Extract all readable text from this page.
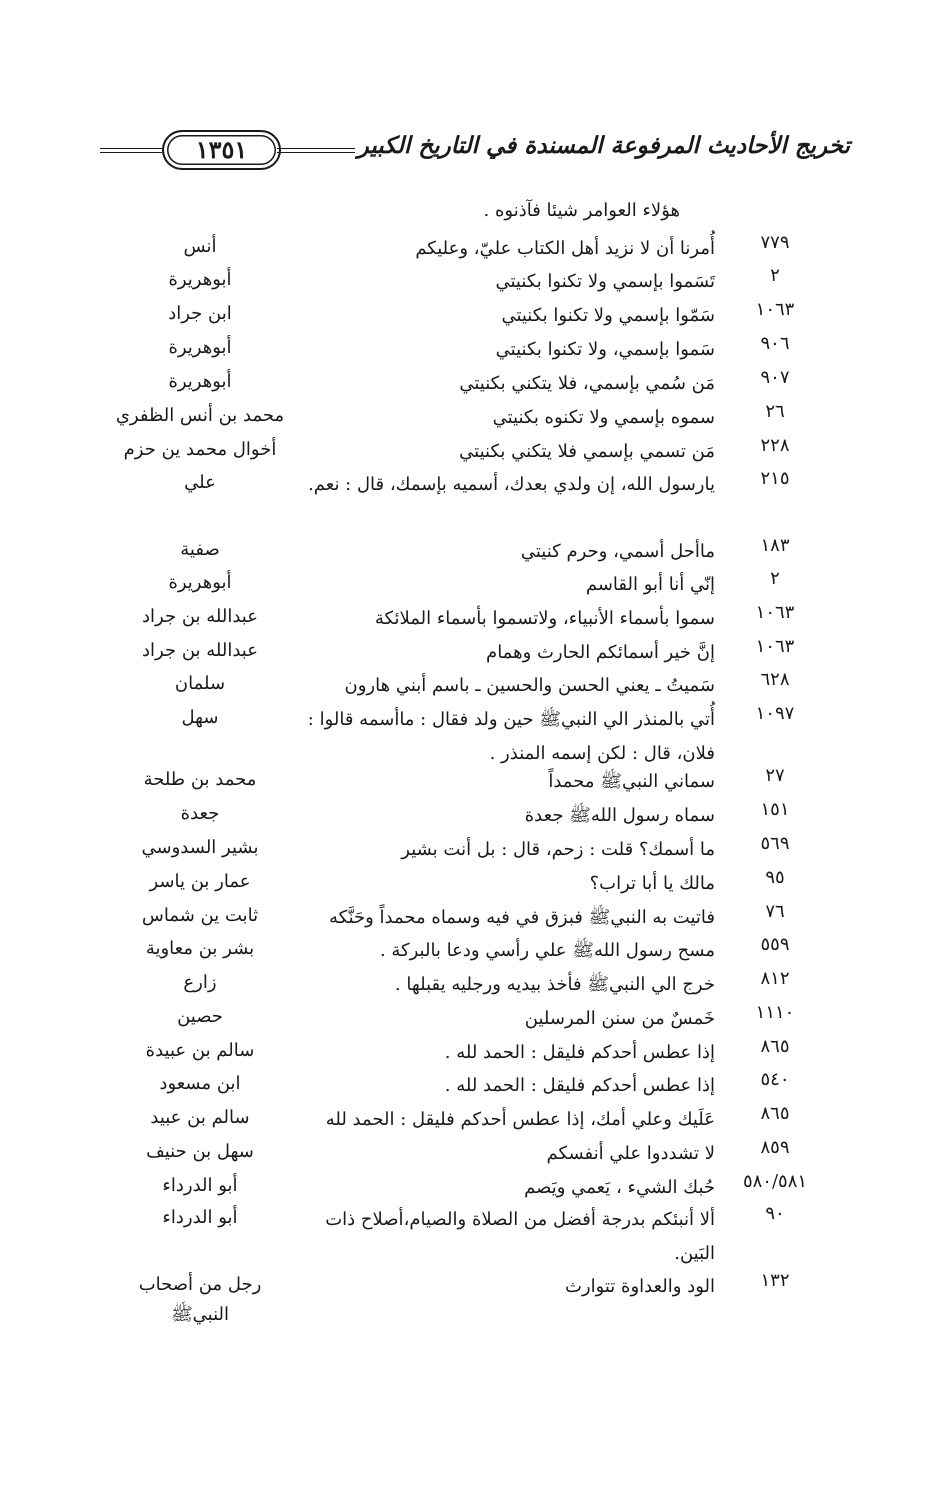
١٣٥١	تخريج الأحاديث المرفوعة المسندة في التاريخ الكبير
هؤلاء العوامر شيئا فآذنوه .
٧٧٩
أُمرنا أن لا نزيد أهل الكتاب عليّ، وعليكم
أنس
٢
تَسَموا بإسمي ولا تكنوا بكنيتي
أبوهريرة
١٠٦٣
سَمّوا بإسمي ولا تكنوا بكنيتي
ابن جراد
٩٠٦
سَموا بإسمي، ولا تكنوا بكنيتي
أبوهريرة
٩٠٧
مَن سُمي بإسمي، فلا يتكني بكنيتي
أبوهريرة
٢٦
سموه بإسمي ولا تكنوه بكنيتي
محمد بن أنس الظفري
٢٢٨
مَن تسمي بإسمي فلا يتكني بكنيتي
أخوال محمد ين حزم
٢١٥
يارسول الله، إن ولدي بعدك، أسميه بإسمك، قال : نعم.
علي
١٨٣
ماأحل أسمي، وحرم كنيتي
صفية
٢
إنّي أنا أبو القاسم
أبوهريرة
١٠٦٣
سموا بأسماء الأنبياء، ولاتسموا بأسماء الملائكة
عبدالله بن جراد
١٠٦٣
إنَّ خير أسمائكم الحارث وهمام
عبدالله بن جراد
٦٢٨
سَميتُ ـ يعني الحسن والحسين ـ باسم أبني هارون
سلمان
١٠٩٧
أُتي بالمنذر الي النبيﷺ حين ولد فقال : ماأسمه قالوا : فلان، قال : لكن إسمه المنذر .
سهل
٢٧
سماني النبيﷺ محمداً
محمد بن طلحة
١٥١
سماه رسول اللهﷺ جعدة
جعدة
٥٦٩
ما أسمك؟ قلت : زحم، قال : بل أنت بشير
بشير السدوسي
٩٥
مالك يا أبا تراب؟
عمار بن ياسر
٧٦
فاتيت به النبيﷺ فبزق في فيه وسماه محمداً وحَنَّكه
ثابت ين شماس
٥٥٩
مسح رسول اللهﷺ علي رأسي ودعا بالبركة .
بشر بن معاوية
٨١٢
خرج الي النبيﷺ فأخذ بيديه ورجليه يقبلها .
زارع
١١١٠
خَمسٌ من سنن المرسلين
حصين
٨٦٥
إذا عطس أحدكم فليقل : الحمد لله .
سالم بن عبيدة
٥٤٠
إذا عطس أحدكم فليقل : الحمد لله .
ابن مسعود
٨٦٥
عَلَيك وعلي أمك، إذا عطس أحدكم فليقل : الحمد لله
سالم بن عبيد
٨٥٩
لا تشددوا علي أنفسكم
سهل بن حنيف
٥٨٠/٥٨١
حُبك الشيء ، يَعمي ويَصم
أبو الدرداء
٩٠
ألا أنبئكم بدرجة أفضل من الصلاة والصيام،أصلاح ذات البَين.
أبو الدرداء
١٣٢
الود والعداوة تتوارث
رجل من أصحاب النبيﷺ
